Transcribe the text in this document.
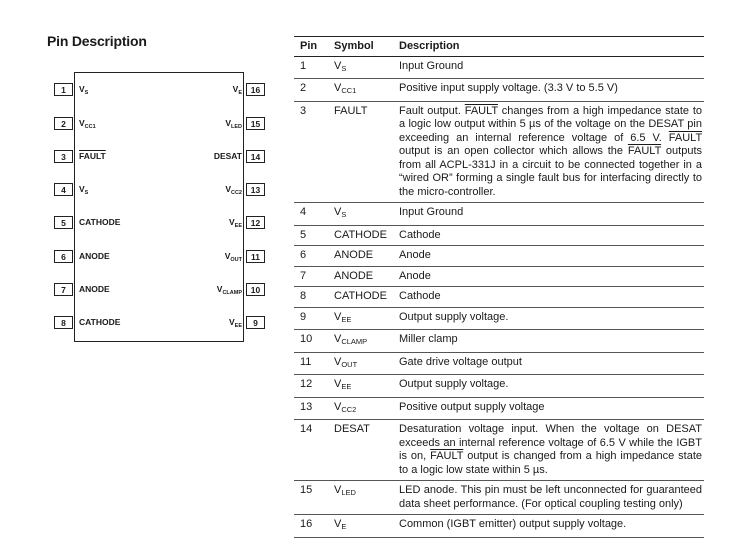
Pin Description
1	$V_S$
2	$V_{CC1}$
3	FAULT
4	$V_S$
5	CATHODE
6	ANODE
7	ANODE
8	CATHODE
16
$V_E$
15
$V_{LED}$
14
DESAT
13
$V_{CC2}$
12
$V_{EE}$
11
$V_{OUT}$
10
$V_{CLAMP}$
9
$V_{EE}$
Pin	Symbol	Description
1	$V_S$	Input Ground
2	$V_{CC1}$	Positive input supply voltage. (3.3 V to 5.5 V)
3	FAULT	Fault output. FAULT changes from a high impedance state to a logic low output within 5 µs of the voltage on the DESAT pin exceeding an internal reference voltage of 6.5 V. FAULT output is an open collector which allows the FAULT outputs from all ACPL-331J in a circuit to be connected together in a “wired OR” forming a single fault bus for interfacing directly to the micro-controller.
4	$V_S$	Input Ground
5	CATHODE	Cathode
6	ANODE	Anode
7	ANODE	Anode
8	CATHODE	Cathode
9	$V_{EE}$	Output supply voltage.
10	$V_{CLAMP}$	Miller clamp
11	$V_{OUT}$	Gate drive voltage output
12	$V_{EE}$	Output supply voltage.
13	$V_{CC2}$	Positive output supply voltage
14	DESAT	Desaturation voltage input. When the voltage on DESAT exceeds an internal reference voltage of 6.5 V while the IGBT is on, FAULT output is changed from a high impedance state to a logic low state within 5 µs.
15	$V_{LED}$	LED anode. This pin must be left unconnected for guaranteed data sheet performance. (For optical coupling testing only)
16	$V_E$	Common (IGBT emitter) output supply voltage.
